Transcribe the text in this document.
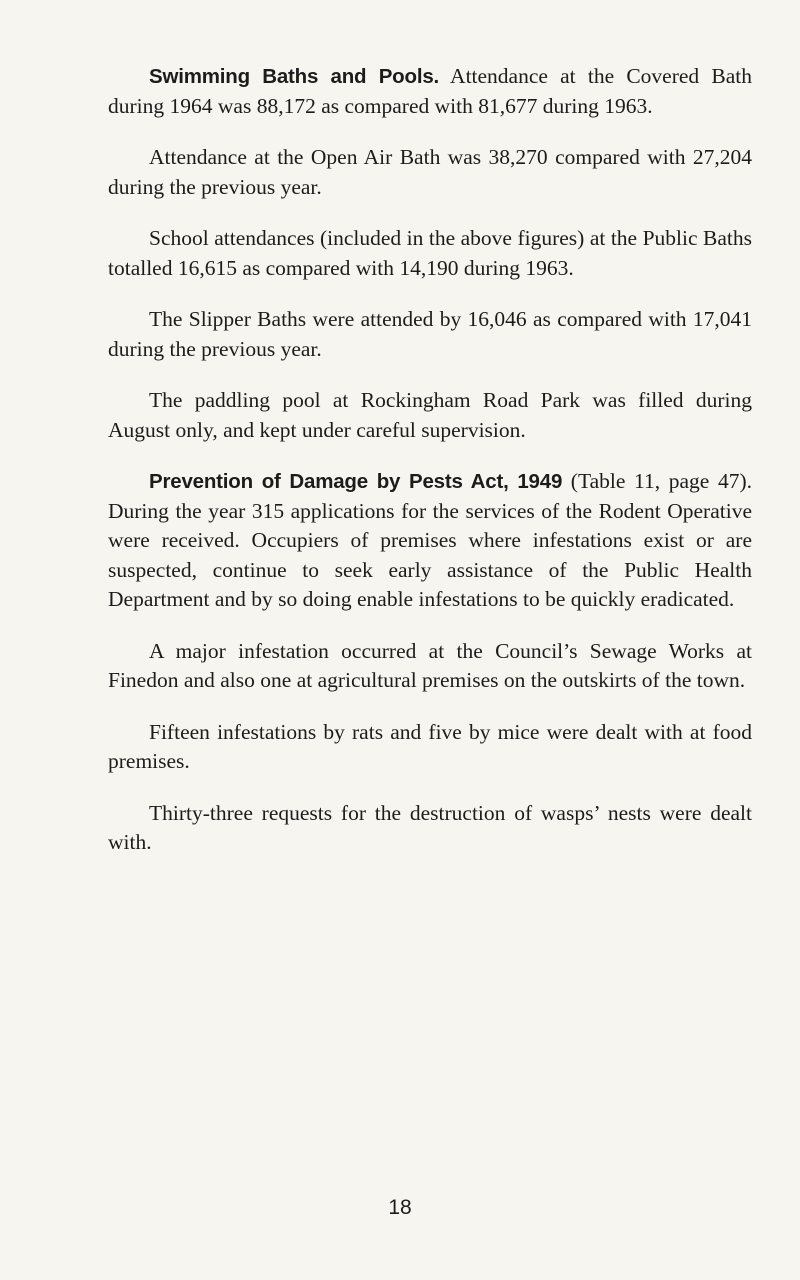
Swimming Baths and Pools. Attendance at the Covered Bath during 1964 was 88,172 as compared with 81,677 during 1963.

Attendance at the Open Air Bath was 38,270 compared with 27,204 during the previous year.

School attendances (included in the above figures) at the Public Baths totalled 16,615 as compared with 14,190 during 1963.

The Slipper Baths were attended by 16,046 as compared with 17,041 during the previous year.

The paddling pool at Rockingham Road Park was filled during August only, and kept under careful supervision.

Prevention of Damage by Pests Act, 1949 (Table 11, page 47). During the year 315 applications for the services of the Rodent Operative were received. Occupiers of premises where infestations exist or are suspected, continue to seek early assistance of the Public Health Department and by so doing enable infestations to be quickly eradicated.

A major infestation occurred at the Council’s Sewage Works at Finedon and also one at agricultural premises on the outskirts of the town.

Fifteen infestations by rats and five by mice were dealt with at food premises.

Thirty-three requests for the destruction of wasps’ nests were dealt with.

18
